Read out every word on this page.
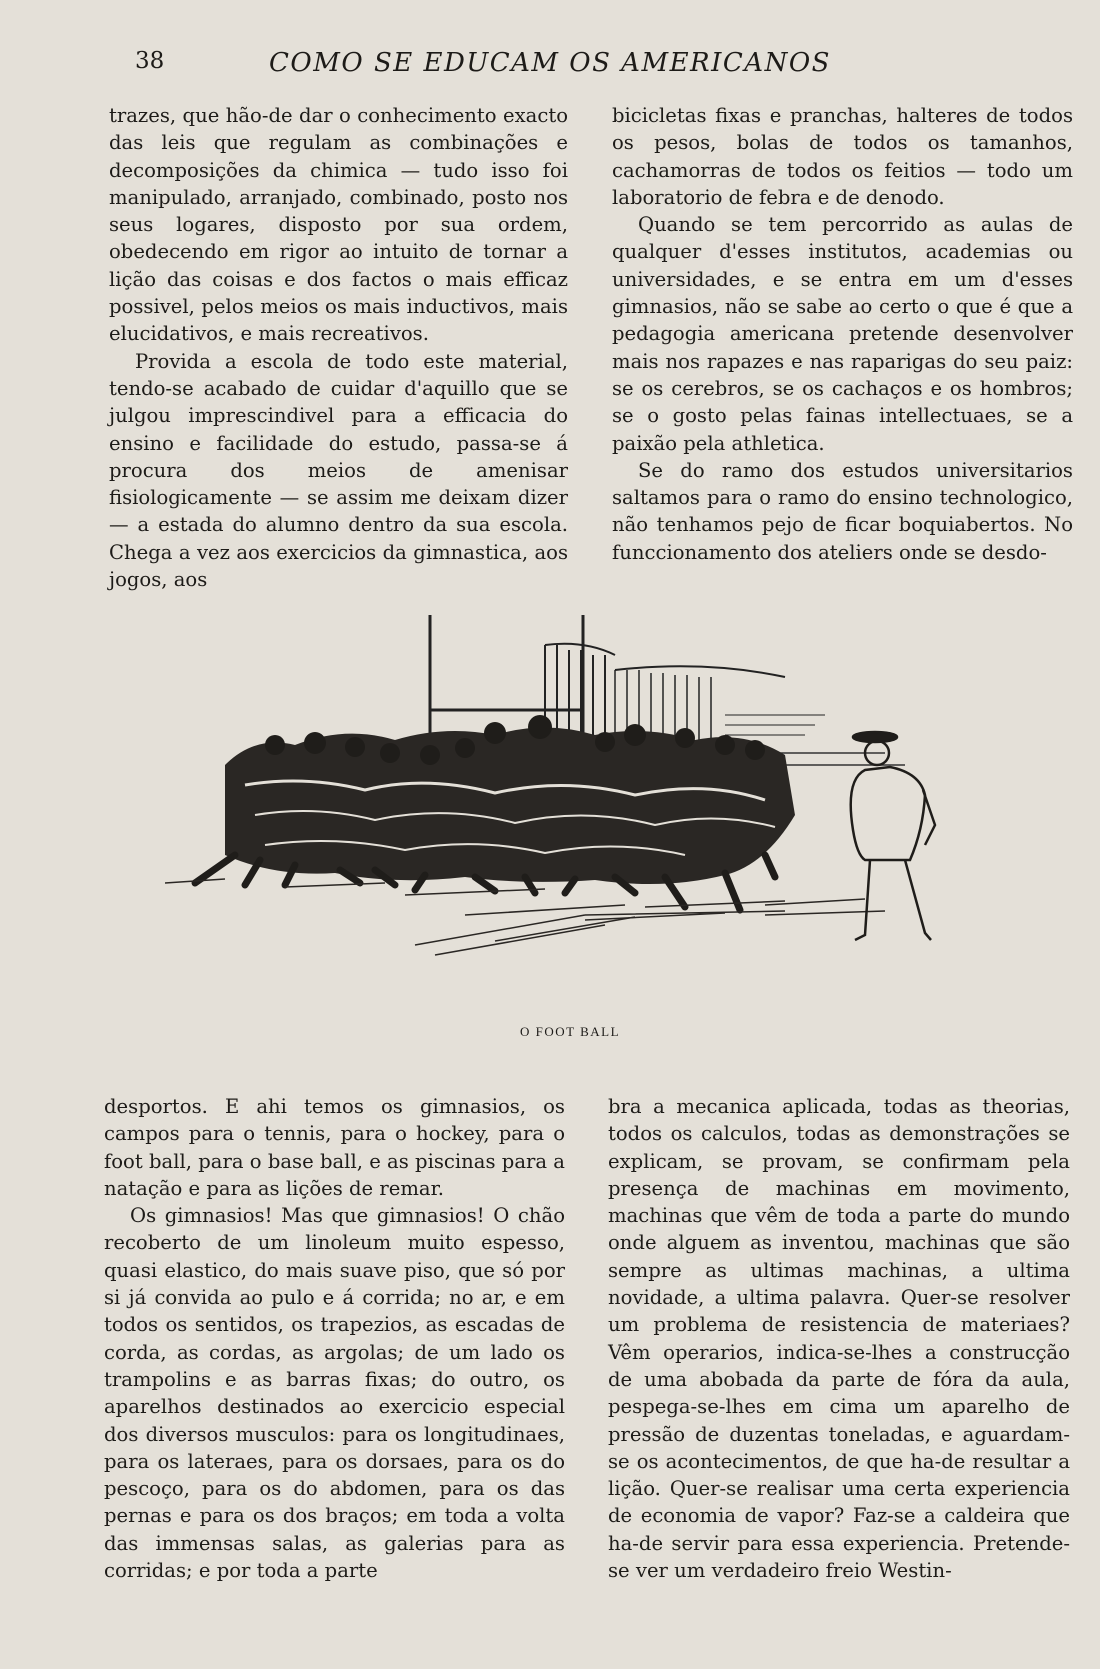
38	COMO SE EDUCAM OS AMERICANOS

trazes, que hão-de dar o conhecimento exacto das leis que regulam as combinações e decomposições da chimica — tudo isso foi manipulado, arranjado, combinado, posto nos seus logares, disposto por sua ordem, obedecendo em rigor ao intuito de tornar a lição das coisas e dos factos o mais efficaz possivel, pelos meios os mais inductivos, mais elucidativos, e mais recreativos.

Provida a escola de todo este material, tendo-se acabado de cuidar d'aquillo que se julgou imprescindivel para a efficacia do ensino e facilidade do estudo, passa-se á procura dos meios de amenisar fisiologicamente — se assim me deixam dizer — a estada do alumno dentro da sua escola. Chega a vez aos exercicios da gimnastica, aos jogos, aos

bicicletas fixas e pranchas, halteres de todos os pesos, bolas de todos os tamanhos, cachamorras de todos os feitios — todo um laboratorio de febra e de denodo.

Quando se tem percorrido as aulas de qualquer d'esses institutos, academias ou universidades, e se entra em um d'esses gimnasios, não se sabe ao certo o que é que a pedagogia americana pretende desenvolver mais nos rapazes e nas raparigas do seu paiz: se os cerebros, se os cachaços e os hombros; se o gosto pelas fainas intellectuaes, se a paixão pela athletica.

Se do ramo dos estudos universitarios saltamos para o ramo do ensino technologico, não tenhamos pejo de ficar boquiabertos. No funccionamento dos ateliers onde se desdo-

O FOOT BALL

desportos. E ahi temos os gimnasios, os campos para o tennis, para o hockey, para o foot ball, para o base ball, e as piscinas para a natação e para as lições de remar.

Os gimnasios! Mas que gimnasios! O chão recoberto de um linoleum muito espesso, quasi elastico, do mais suave piso, que só por si já convida ao pulo e á corrida; no ar, e em todos os sentidos, os trapezios, as escadas de corda, as cordas, as argolas; de um lado os trampolins e as barras fixas; do outro, os aparelhos destinados ao exercicio especial dos diversos musculos: para os longitudinaes, para os lateraes, para os dorsaes, para os do pescoço, para os do abdomen, para os das pernas e para os dos braços; em toda a volta das immensas salas, as galerias para as corridas; e por toda a parte

bra a mecanica aplicada, todas as theorias, todos os calculos, todas as demonstrações se explicam, se provam, se confirmam pela presença de machinas em movimento, machinas que vêm de toda a parte do mundo onde alguem as inventou, machinas que são sempre as ultimas machinas, a ultima novidade, a ultima palavra. Quer-se resolver um problema de resistencia de materiaes? Vêm operarios, indica-se-lhes a construcção de uma abobada da parte de fóra da aula, pespega-se-lhes em cima um aparelho de pressão de duzentas toneladas, e aguardam-se os acontecimentos, de que ha-de resultar a lição. Quer-se realisar uma certa experiencia de economia de vapor? Faz-se a caldeira que ha-de servir para essa experiencia. Pretende-se ver um verdadeiro freio Westin-
